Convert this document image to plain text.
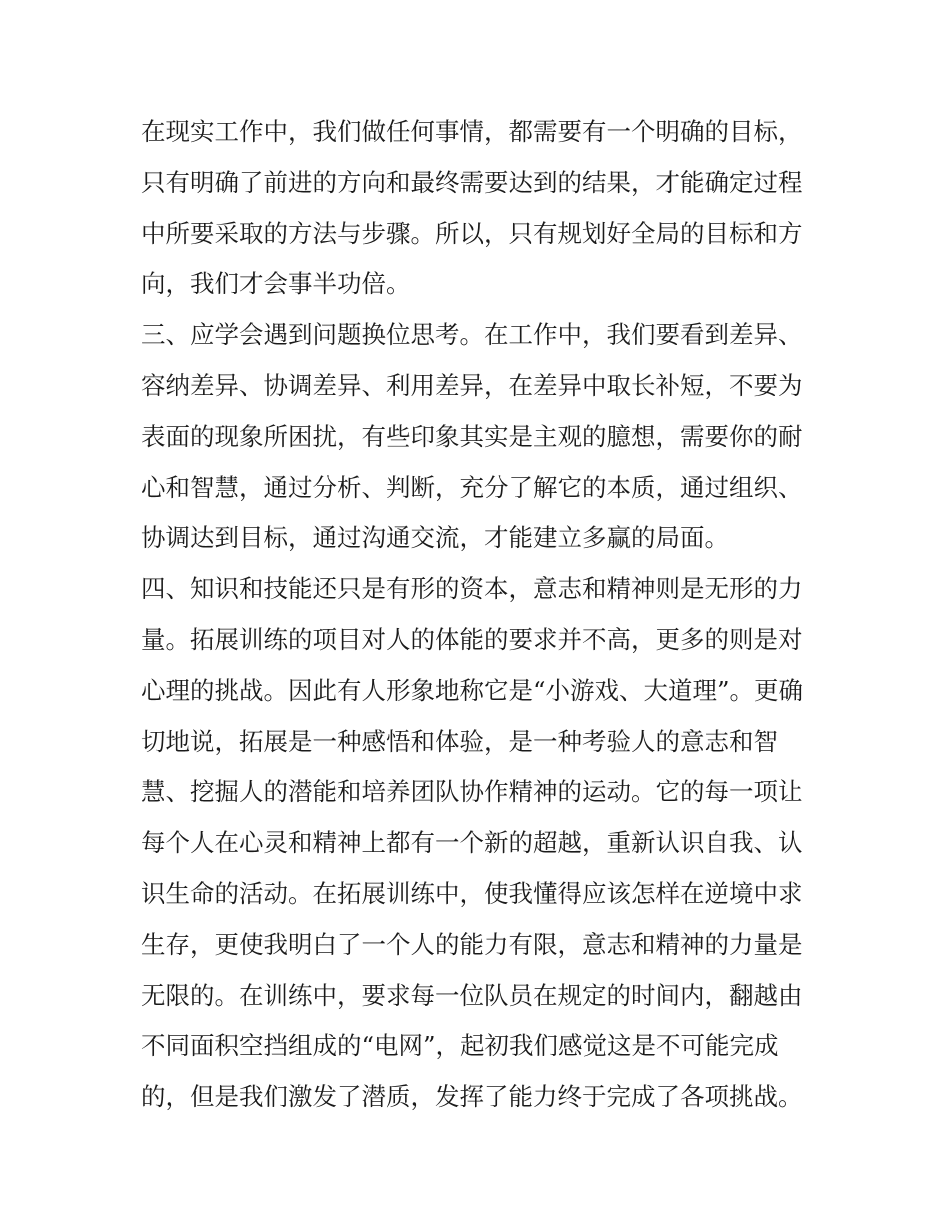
在现实工作中，我们做任何事情，都需要有一个明确的目标，
只有明确了前进的方向和最终需要达到的结果，才能确定过程
中所要采取的方法与步骤。所以，只有规划好全局的目标和方
向，我们才会事半功倍。
三、应学会遇到问题换位思考。在工作中，我们要看到差异、
容纳差异、协调差异、利用差异，在差异中取长补短，不要为
表面的现象所困扰，有些印象其实是主观的臆想，需要你的耐
心和智慧，通过分析、判断，充分了解它的本质，通过组织、
协调达到目标，通过沟通交流，才能建立多赢的局面。
四、知识和技能还只是有形的资本，意志和精神则是无形的力
量。拓展训练的项目对人的体能的要求并不高，更多的则是对
心理的挑战。因此有人形象地称它是“小游戏、大道理”。更确
切地说，拓展是一种感悟和体验，是一种考验人的意志和智
慧、挖掘人的潜能和培养团队协作精神的运动。它的每一项让
每个人在心灵和精神上都有一个新的超越，重新认识自我、认
识生命的活动。在拓展训练中，使我懂得应该怎样在逆境中求
生存，更使我明白了一个人的能力有限，意志和精神的力量是
无限的。在训练中，要求每一位队员在规定的时间内，翻越由
不同面积空挡组成的“电网”，起初我们感觉这是不可能完成
的，但是我们激发了潜质，发挥了能力终于完成了各项挑战。
